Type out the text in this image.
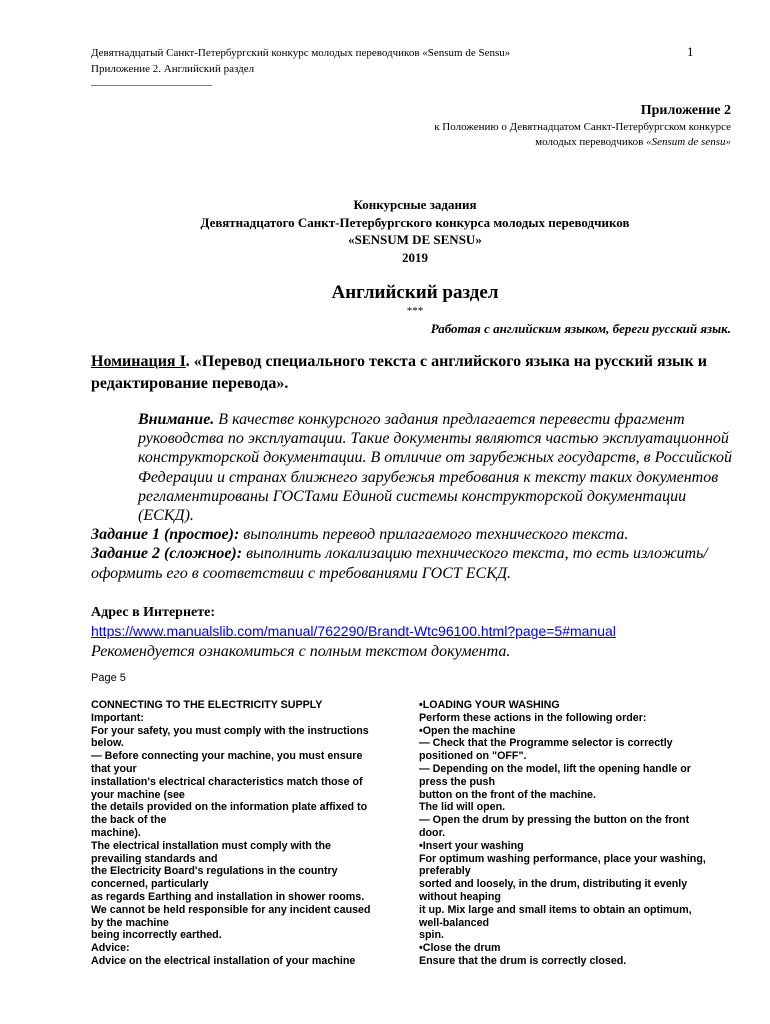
Девятнадцатый Санкт-Петербургский конкурс молодых переводчиков «Sensum de Sensu»
Приложение 2. Английский раздел
______________________
1
Приложение 2
к Положению о Девятнадцатом Санкт-Петербургском конкурсе
молодых переводчиков «Sensum de sensu»
Конкурсные задания
Девятнадцатого Санкт-Петербургского конкурса молодых переводчиков
«SENSUM DE SENSU»
2019
Английский раздел
***
Работая с английским языком, береги русский язык.
Номинация I. «Перевод специального текста с английского языка на русский язык и редактирование перевода».

Внимание. В качестве конкурсного задания предлагается перевести фрагмент руководства по эксплуатации. Такие документы являются частью эксплуатационной конструкторской документации. В отличие от зарубежных государств, в Российской Федерации и странах ближнего зарубежья требования к тексту таких документов регламентированы ГОСТами Единой системы конструкторской документации (ЕСКД).

Задание 1 (простое): выполнить перевод прилагаемого технического текста.

Задание 2 (сложное): выполнить локализацию технического текста, то есть изложить/оформить его в соответствии с требованиями ГОСТ ЕСКД.

Адрес в Интернете:
https://www.manualslib.com/manual/762290/Brandt-Wtc96100.html?page=5#manual
Рекомендуется ознакомиться с полным текстом документа.
Page 5
CONNECTING TO THE ELECTRICITY SUPPLY
Important:
For your safety, you must comply with the instructions
below.
— Before connecting your machine, you must ensure
that your
installation's electrical characteristics match those of
your machine (see
the details provided on the information plate affixed to
the back of the
machine).
The electrical installation must comply with the
prevailing standards and
the Electricity Board's regulations in the country
concerned, particularly
as regards Earthing and installation in shower rooms.
We cannot be held responsible for any incident caused
by the machine
being incorrectly earthed.
Advice:
Advice on the electrical installation of your machine
•LOADING YOUR WASHING
Perform these actions in the following order:
•Open the machine
— Check that the Programme selector is correctly
positioned on "OFF".
— Depending on the model, lift the opening handle or
press the push
button on the front of the machine.
The lid will open.
— Open the drum by pressing the button on the front
door.
•Insert your washing
For optimum washing performance, place your washing,
preferably
sorted and loosely, in the drum, distributing it evenly
without heaping
it up. Mix large and small items to obtain an optimum,
well-balanced
spin.
•Close the drum
Ensure that the drum is correctly closed.
